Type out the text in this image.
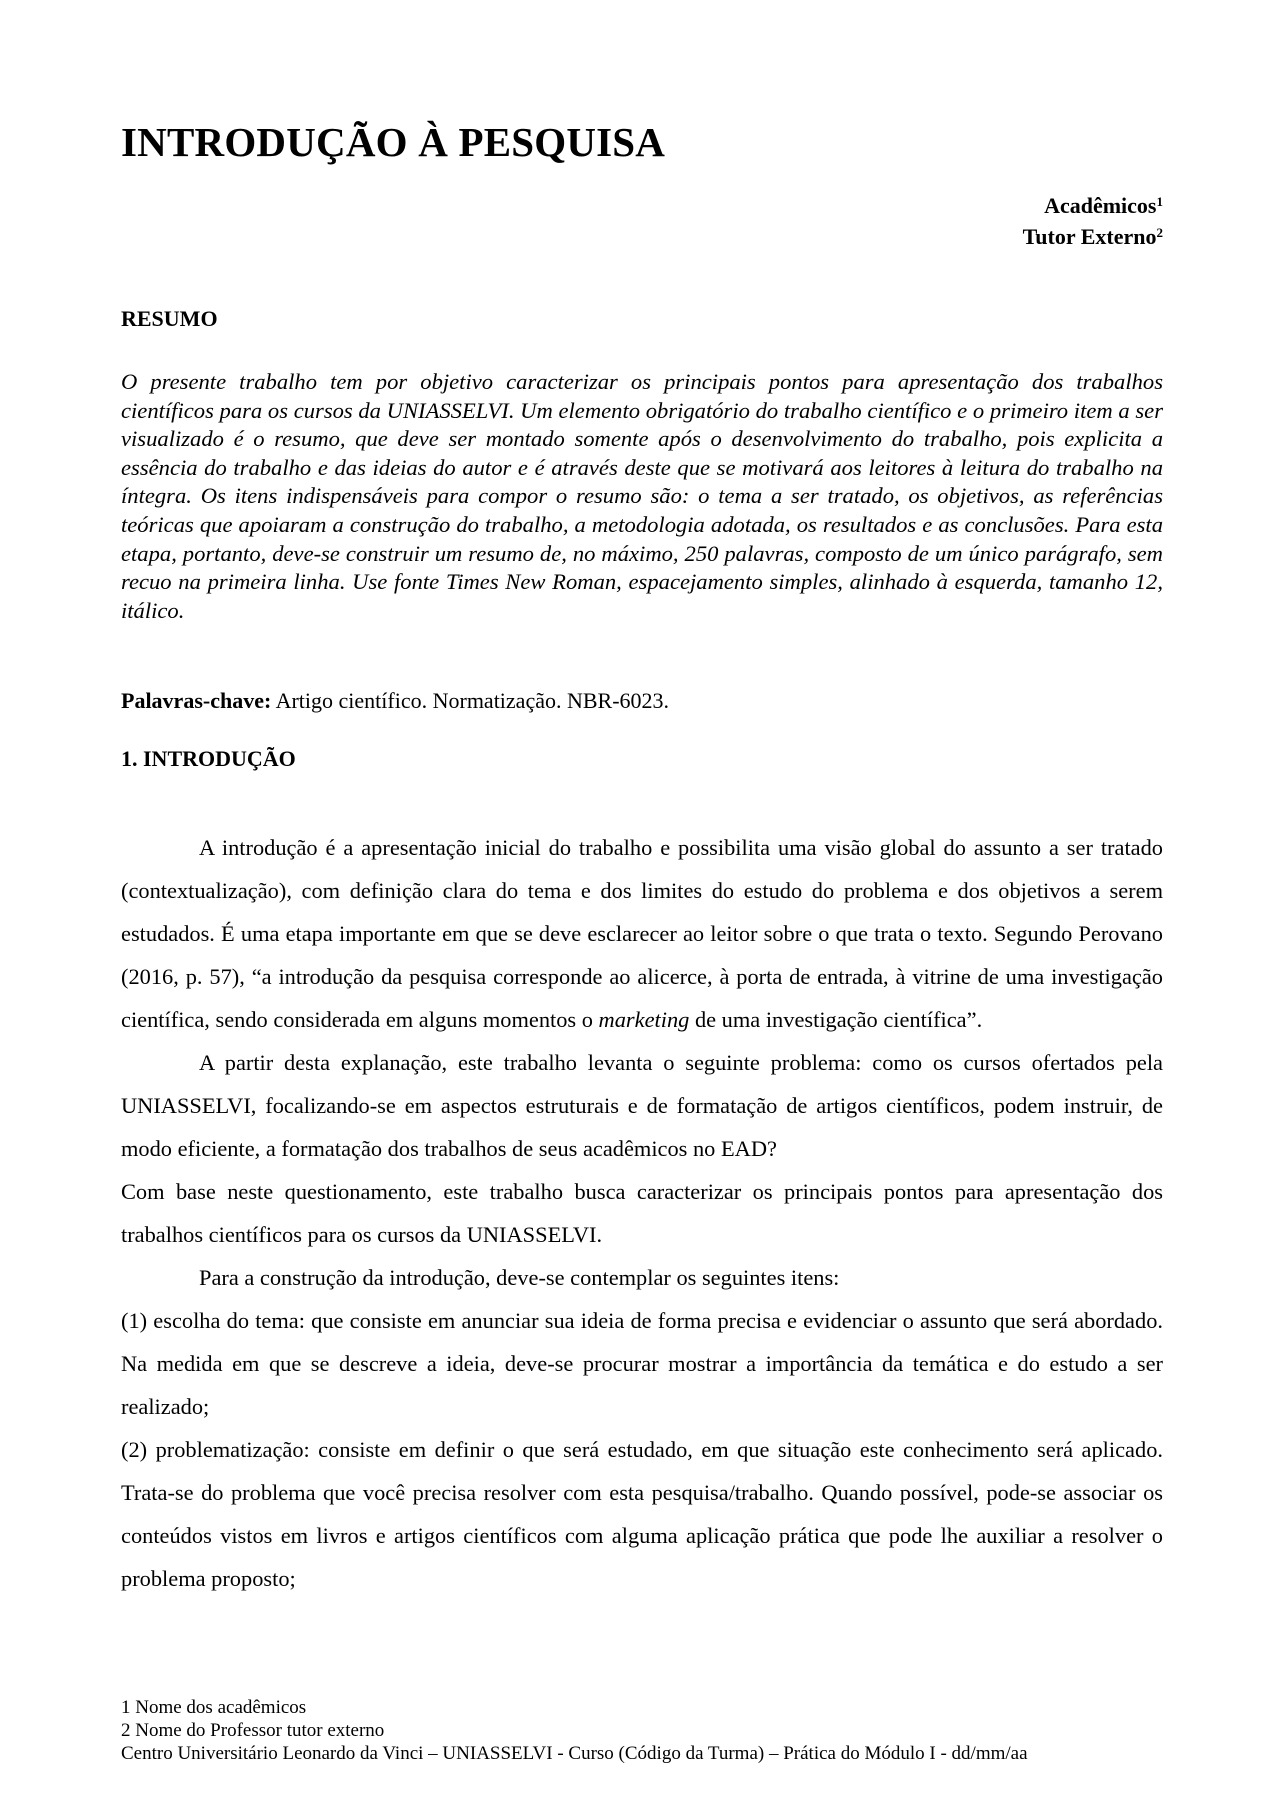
INTRODUÇÃO À PESQUISA
Acadêmicos$^1$
Tutor Externo$^2$
RESUMO

O presente trabalho tem por objetivo caracterizar os principais pontos para apresentação dos trabalhos científicos para os cursos da UNIASSELVI. Um elemento obrigatório do trabalho científico e o primeiro item a ser visualizado é o resumo, que deve ser montado somente após o desenvolvimento do trabalho, pois explicita a essência do trabalho e das ideias do autor e é através deste que se motivará aos leitores à leitura do trabalho na íntegra. Os itens indispensáveis para compor o resumo são: o tema a ser tratado, os objetivos, as referências teóricas que apoiaram a construção do trabalho, a metodologia adotada, os resultados e as conclusões. Para esta etapa, portanto, deve-se construir um resumo de, no máximo, 250 palavras, composto de um único parágrafo, sem recuo na primeira linha. Use fonte Times New Roman, espacejamento simples, alinhado à esquerda, tamanho 12, itálico.

Palavras-chave: Artigo científico. Normatização. NBR-6023.

1. INTRODUÇÃO

A introdução é a apresentação inicial do trabalho e possibilita uma visão global do assunto a ser tratado (contextualização), com definição clara do tema e dos limites do estudo do problema e dos objetivos a serem estudados. É uma etapa importante em que se deve esclarecer ao leitor sobre o que trata o texto. Segundo Perovano (2016, p. 57), “a introdução da pesquisa corresponde ao alicerce, à porta de entrada, à vitrine de uma investigação científica, sendo considerada em alguns momentos o marketing de uma investigação científica”.

A partir desta explanação, este trabalho levanta o seguinte problema: como os cursos ofertados pela UNIASSELVI, focalizando-se em aspectos estruturais e de formatação de artigos científicos, podem instruir, de modo eficiente, a formatação dos trabalhos de seus acadêmicos no EAD?

Com base neste questionamento, este trabalho busca caracterizar os principais pontos para apresentação dos trabalhos científicos para os cursos da UNIASSELVI.

Para a construção da introdução, deve-se contemplar os seguintes itens:

(1) escolha do tema: que consiste em anunciar sua ideia de forma precisa e evidenciar o assunto que será abordado. Na medida em que se descreve a ideia, deve-se procurar mostrar a importância da temática e do estudo a ser realizado;

(2) problematização: consiste em definir o que será estudado, em que situação este conhecimento será aplicado. Trata-se do problema que você precisa resolver com esta pesquisa/trabalho. Quando possível, pode-se associar os conteúdos vistos em livros e artigos científicos com alguma aplicação prática que pode lhe auxiliar a resolver o problema proposto;

1 Nome dos acadêmicos
2 Nome do Professor tutor externo
Centro Universitário Leonardo da Vinci – UNIASSELVI - Curso (Código da Turma) – Prática do Módulo I - dd/mm/aa
